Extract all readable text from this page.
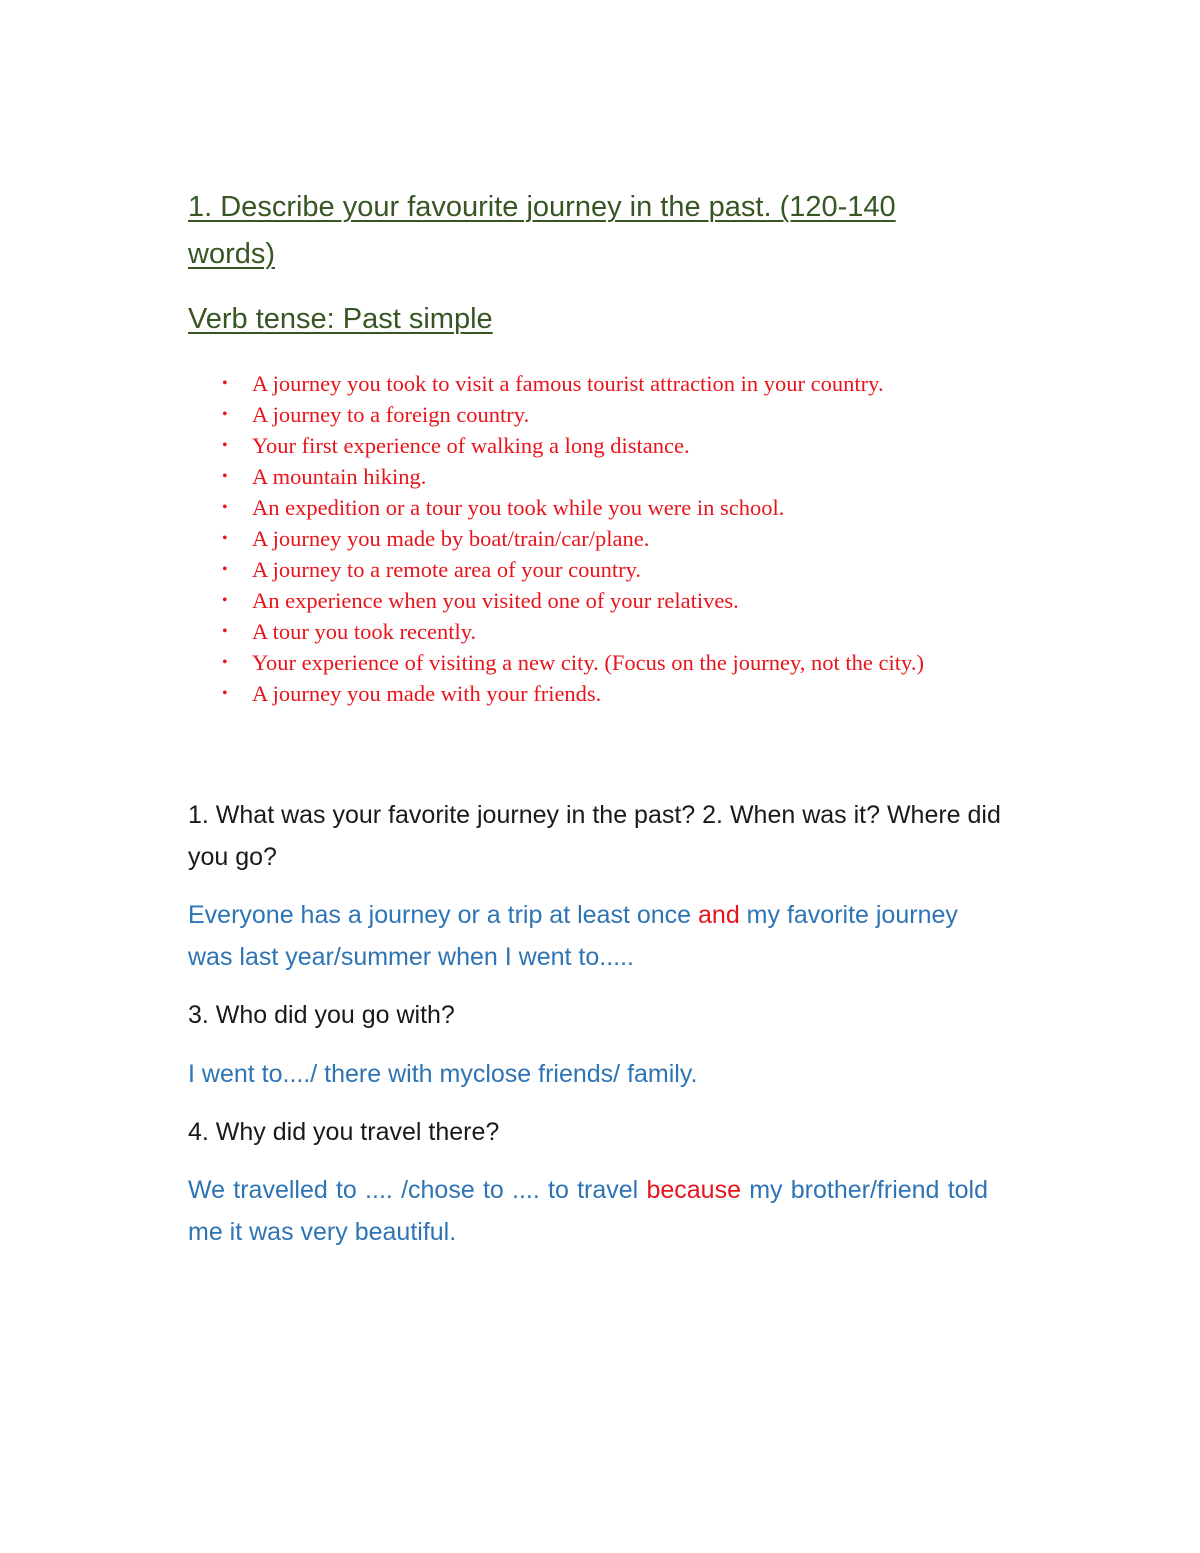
1. Describe your favourite journey in the past. (120-140 words)
Verb tense: Past simple
• A journey you took to visit a famous tourist attraction in your country.
• A journey to a foreign country.
• Your first experience of walking a long distance.
• A mountain hiking.
• An expedition or a tour you took while you were in school.
• A journey you made by boat/train/car/plane.
• A journey to a remote area of your country.
• An experience when you visited one of your relatives.
• A tour you took recently.
• Your experience of visiting a new city. (Focus on the journey, not the city.)
• A journey you made with your friends.

1. What was your favorite journey in the past? 2. When was it? Where did you go?

Everyone has a journey or a trip at least once and my favorite journey was last year/summer when I went to.....

3. Who did you go with?

I went to..../ there with myclose friends/ family.

4. Why did you travel there?

We travelled to .... /chose to .... to travel because my brother/friend told me it was very beautiful.
